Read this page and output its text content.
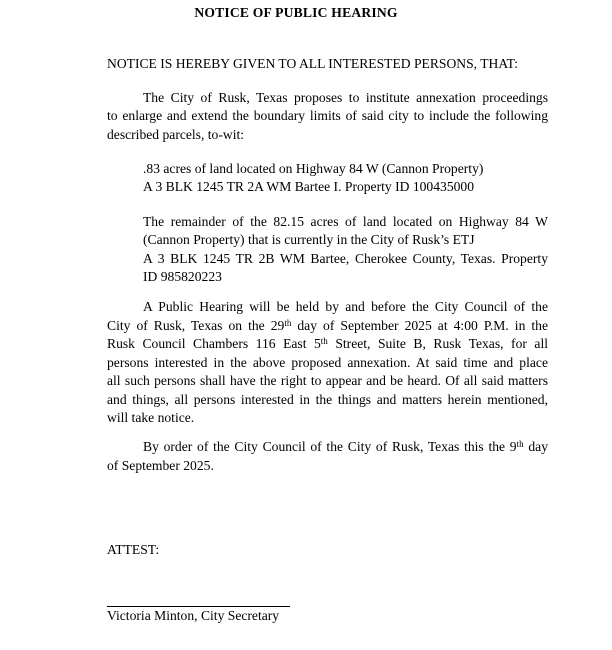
NOTICE OF PUBLIC HEARING
NOTICE IS HEREBY GIVEN TO ALL INTERESTED PERSONS, THAT:
The City of Rusk, Texas proposes to institute annexation proceedings
to enlarge and extend the boundary limits of said city to include the following
described parcels, to-wit:
.83 acres of land located on Highway 84 W (Cannon Property)
A 3 BLK 1245 TR 2A WM Bartee I. Property ID 100435000
The remainder of the 82.15 acres of land located on Highway 84 W
(Cannon Property) that is currently in the City of Rusk’s ETJ
A 3 BLK 1245 TR 2B WM Bartee, Cherokee County, Texas. Property
ID 985820223
A Public Hearing will be held by and before the City Council of the
City of Rusk, Texas on the 29th day of September 2025 at 4:00 P.M. in the
Rusk Council Chambers 116 East 5th Street, Suite B, Rusk Texas, for all
persons interested in the above proposed annexation. At said time and place
all such persons shall have the right to appear and be heard. Of all said matters
and things, all persons interested in the things and matters herein mentioned,
will take notice.
By order of the City Council of the City of Rusk, Texas this the 9th day
of September 2025.
ATTEST:
Victoria Minton, City Secretary
